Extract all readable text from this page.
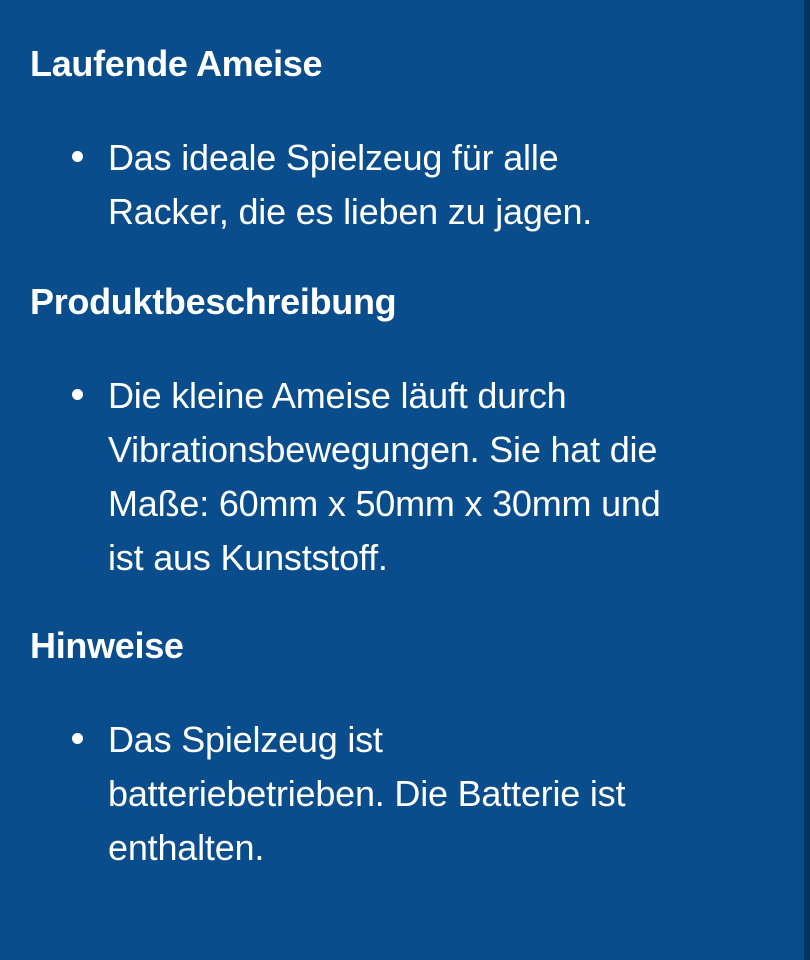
Laufende Ameise

Das ideale Spielzeug für alle
Racker, die es lieben zu jagen.

Produktbeschreibung

Die kleine Ameise läuft durch
Vibrationsbewegungen. Sie hat die
Maße: 60mm x 50mm x 30mm und
ist aus Kunststoff.

Hinweise

Das Spielzeug ist
batteriebetrieben. Die Batterie ist
enthalten.
